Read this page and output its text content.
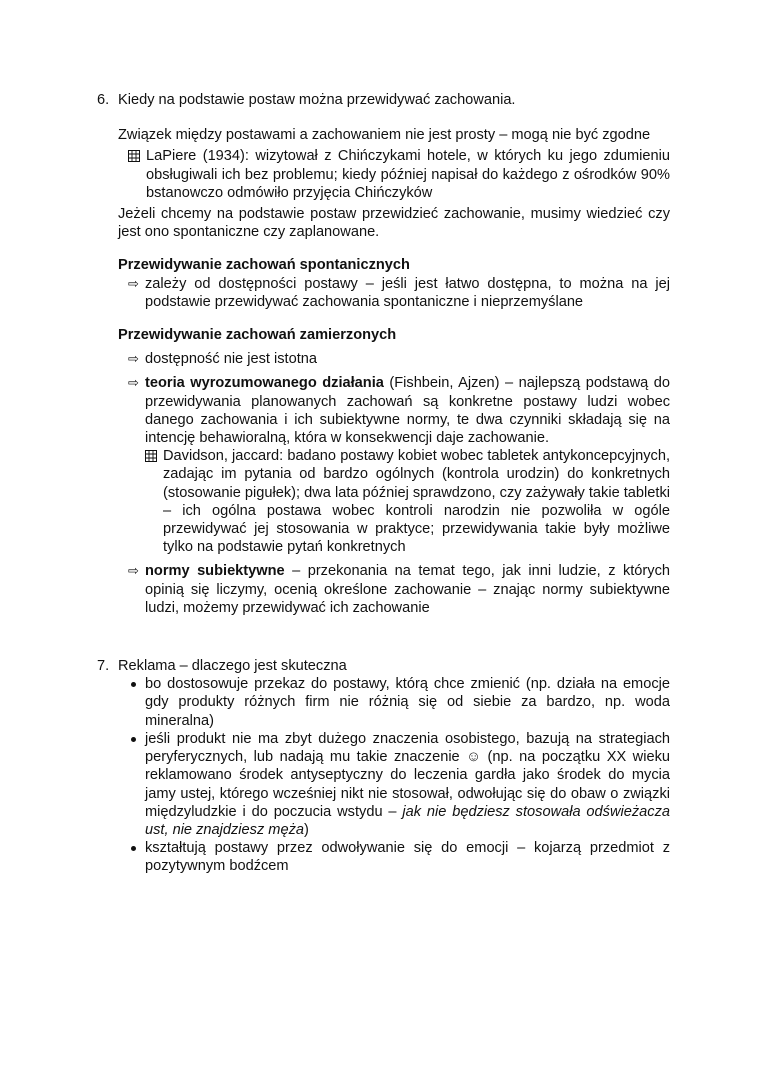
6. Kiedy na podstawie postaw można przewidywać zachowania.
Związek między postawami a zachowaniem nie jest prosty – mogą nie być zgodne
LaPiere (1934): wizytował z Chińczykami hotele, w których ku jego zdumieniu obsługiwali ich bez problemu; kiedy później napisał do każdego z ośrodków 90% bstanowczo odmówiło przyjęcia Chińczyków
Jeżeli chcemy na podstawie postaw przewidzieć zachowanie, musimy wiedzieć czy jest ono spontaniczne czy zaplanowane.
Przewidywanie zachowań spontanicznych
⇨ zależy od dostępności postawy – jeśli jest łatwo dostępna, to można na jej podstawie przewidywać zachowania spontaniczne i nieprzemyślane
Przewidywanie zachowań zamierzonych
⇨ dostępność nie jest istotna
⇨ teoria wyrozumowanego działania (Fishbein, Ajzen) – najlepszą podstawą do przewidywania planowanych zachowań są konkretne postawy ludzi wobec danego zachowania i ich subiektywne normy, te dwa czynniki składają się na intencję behawioralną, która w konsekwencji daje zachowanie.
Davidson, jaccard: badano postawy kobiet wobec tabletek antykoncepcyjnych, zadając im pytania od bardzo ogólnych (kontrola urodzin) do konkretnych (stosowanie pigułek); dwa lata później sprawdzono, czy zażywały takie tabletki – ich ogólna postawa wobec kontroli narodzin nie pozwoliła w ogóle przewidywać jej stosowania w praktyce; przewidywania takie były możliwe tylko na podstawie pytań konkretnych
⇨ normy subiektywne – przekonania na temat tego, jak inni ludzie, z których opinią się liczymy, ocenią określone zachowanie – znając normy subiektywne ludzi, możemy przewidywać ich zachowanie
7. Reklama – dlaczego jest skuteczna
bo dostosowuje przekaz do postawy, którą chce zmienić (np. działa na emocje gdy produkty różnych firm nie różnią się od siebie za bardzo, np. woda mineralna)
jeśli produkt nie ma zbyt dużego znaczenia osobistego, bazują na strategiach peryferycznych, lub nadają mu takie znaczenie ☺ (np. na początku XX wieku reklamowano środek antyseptyczny do leczenia gardła jako środek do mycia jamy ustej, którego wcześniej nikt nie stosował, odwołując się do obaw o związki międzyludzkie i do poczucia wstydu – jak nie będziesz stosowała odświeżacza ust, nie znajdziesz męża)
kształtują postawy przez odwoływanie się do emocji – kojarzą przedmiot z pozytywnym bodźcem
